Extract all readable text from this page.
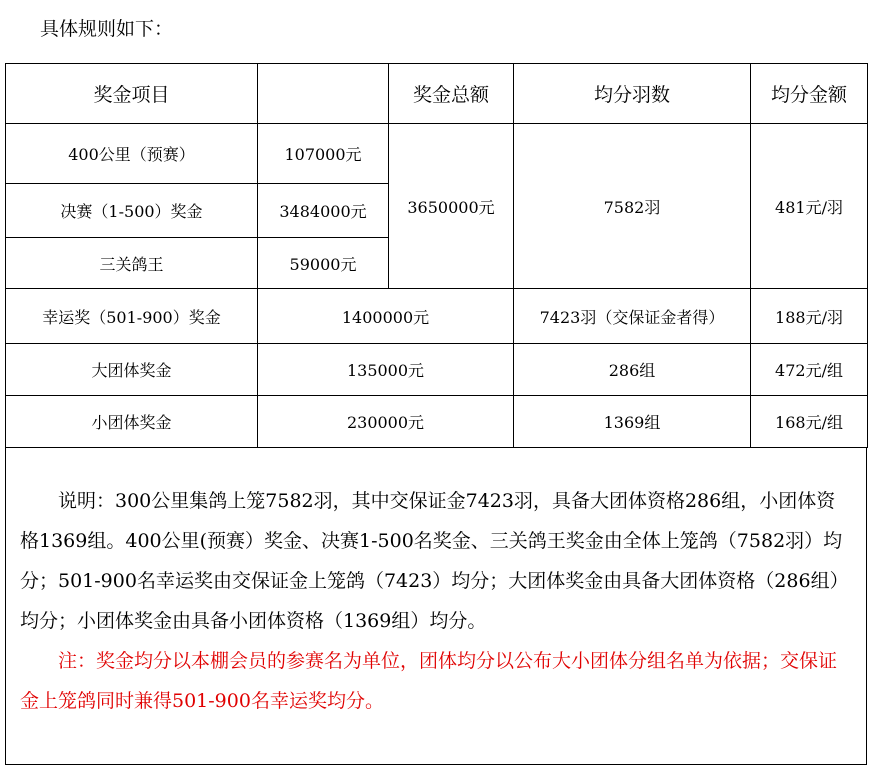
具体规则如下：
奖金项目		奖金总额	均分羽数	均分金额
400公里（预赛）	107000元	3650000元	7582羽	481元/羽
决赛（1-500）奖金	3484000元			
三关鸽王	59000元			
幸运奖（501-900）奖金	1400000元		7423羽（交保证金者得）	188元/羽
大团体奖金	135000元		286组	472元/组
小团体奖金	230000元		1369组	168元/组

说明：300公里集鸽上笼7582羽，其中交保证金7423羽，具备大团体资格286组，小团体资格1369组。400公里(预赛）奖金、决赛1-500名奖金、三关鸽王奖金由全体上笼鸽（7582羽）均分；501-900名幸运奖由交保证金上笼鸽（7423）均分；大团体奖金由具备大团体资格（286组）均分；小团体奖金由具备小团体资格（1369组）均分。

注：奖金均分以本棚会员的参赛名为单位，团体均分以公布大小团体分组名单为依据；交保证金上笼鸽同时兼得501-900名幸运奖均分。
